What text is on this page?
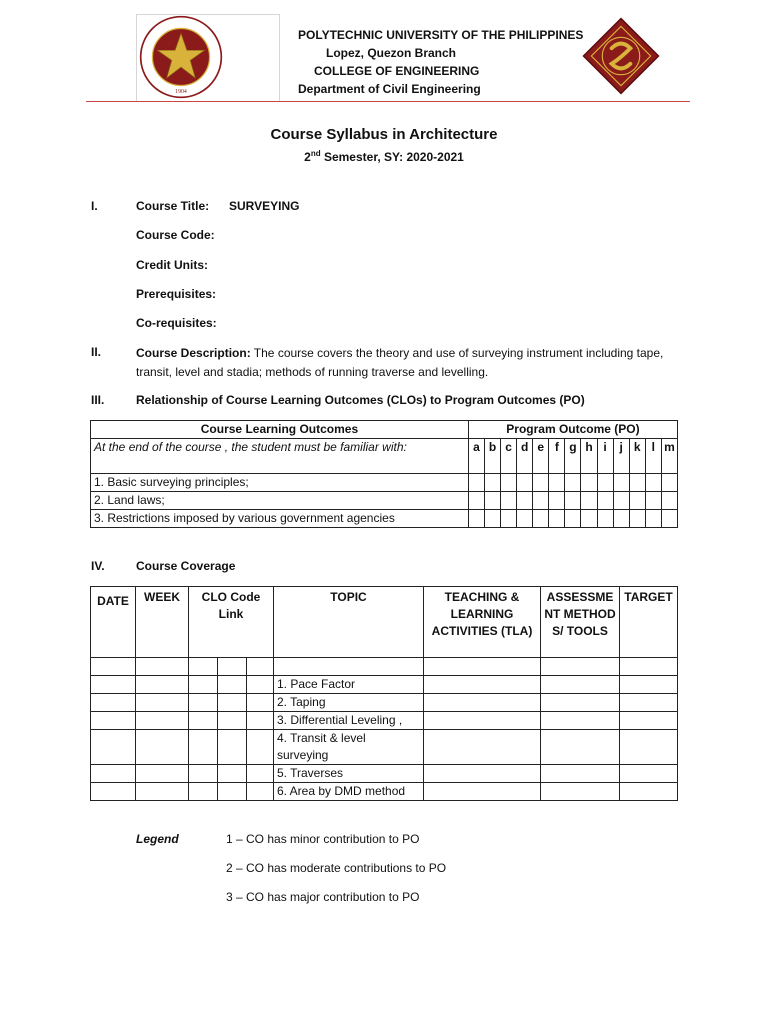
1904
POLYTECHNIC UNIVERSITY OF THE PHILIPPINES
Lopez, Quezon Branch
COLLEGE OF ENGINEERING
Department of Civil Engineering
Course Syllabus in Architecture
2nd Semester, SY: 2020-2021
I.	Course Title: SURVEYING
Course Code:
Credit Units:
Prerequisites:
Co-requisites:
II.	Course Description: The course covers the theory and use of surveying instrument including tape, transit, level and stadia; methods of running traverse and levelling.
III.	Relationship of Course Learning Outcomes (CLOs) to Program Outcomes (PO)
Course Learning Outcomes	Program Outcome (PO)												
At the end of the course , the student must be familiar with:	a	b	c	d	e	f	g	h	i	j	k	l	m
1. Basic surveying principles;													
2. Land laws;													
3. Restrictions imposed by various government agencies													
IV.	Course Coverage
DATE	WEEK	CLO Code Link			TOPIC	TEACHING & LEARNING ACTIVITIES (TLA)	ASSESSMENT METHODS/ TOOLS	TARGET

					1. Pace Factor			
					2. Taping			
					3. Differential Leveling ,			
					4. Transit & level surveying			
					5. Traverses			
					6. Area by DMD method			
Legend	1 – CO has minor contribution to PO
2 – CO has moderate contributions to PO
3 – CO has major contribution to PO
